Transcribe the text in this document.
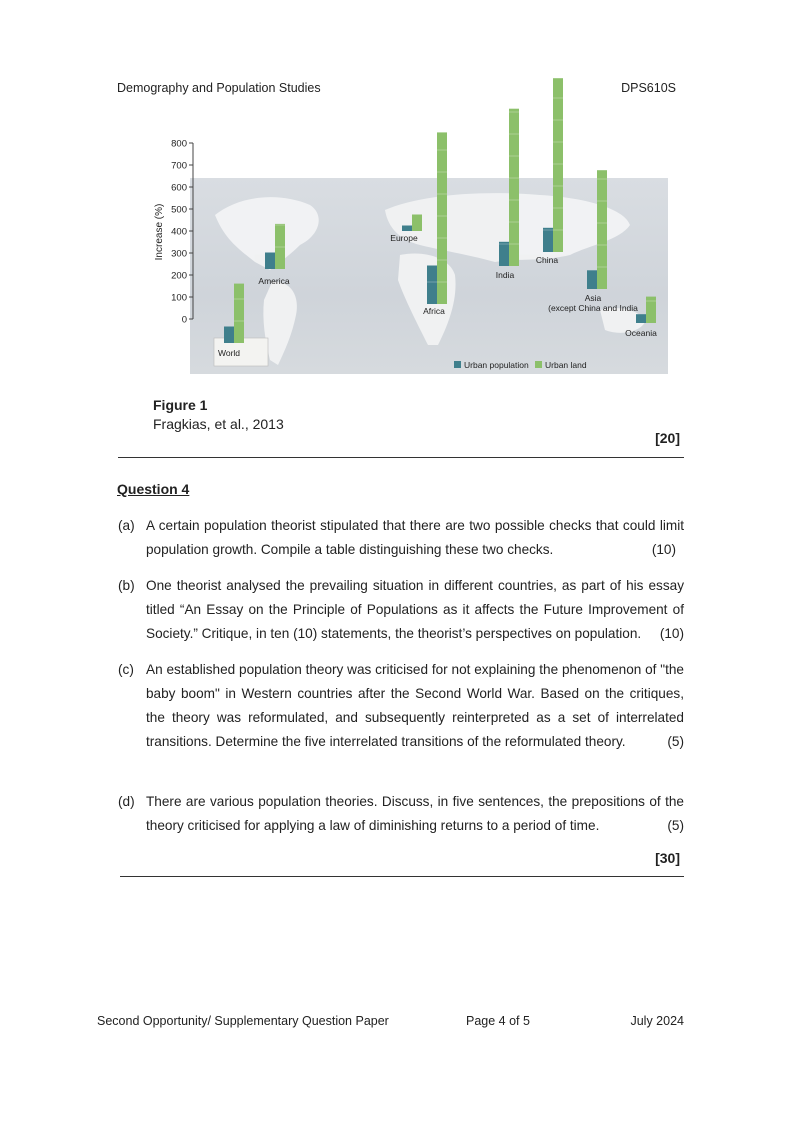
Demography and Population Studies	DPS610S
0
100
200
300
400
500
600
700
800
Increase (%)
World
America
Europe
Africa
India
China
Asia
(except China and India
Oceania
Urban population Urban land
Figure 1
Fragkias, et al., 2013
[20]
Question 4
(a) A certain population theorist stipulated that there are two possible checks that could limit population growth. Compile a table distinguishing these two checks.	(10)
(b) One theorist analysed the prevailing situation in different countries, as part of his essay titled “An Essay on the Principle of Populations as it affects the Future Improvement of Society.” Critique, in ten (10) statements, the theorist’s perspectives on population. (10)
(c) An established population theory was criticised for not explaining the phenomenon of "the baby boom" in Western countries after the Second World War. Based on the critiques, the theory was reformulated, and subsequently reinterpreted as a set of interrelated transitions. Determine the five interrelated transitions of the reformulated theory.	(5)
(d) There are various population theories. Discuss, in five sentences, the prepositions of the theory criticised for applying a law of diminishing returns to a period of time.	(5)
[30]
Second Opportunity/ Supplementary Question Paper	Page 4 of 5	July 2024
